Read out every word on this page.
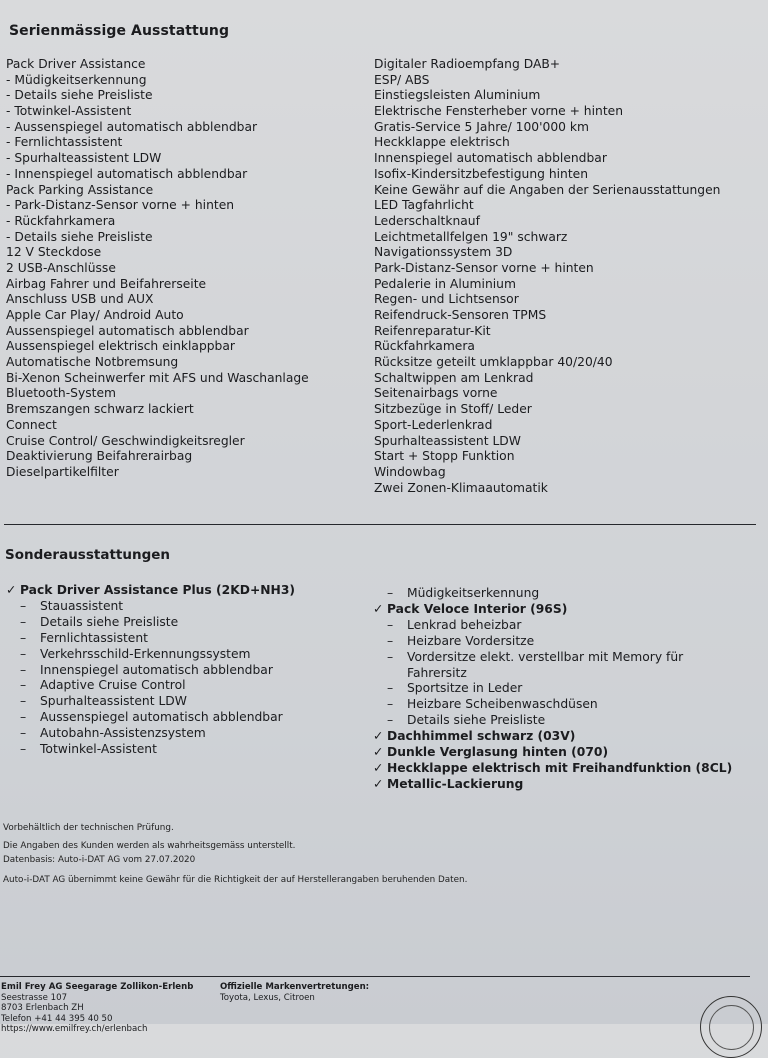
Serienmässige Ausstattung
Pack Driver Assistance
- Müdigkeitserkennung
- Details siehe Preisliste
- Totwinkel-Assistent
- Aussenspiegel automatisch abblendbar
- Fernlichtassistent
- Spurhalteassistent LDW
- Innenspiegel automatisch abblendbar
Pack Parking Assistance
- Park-Distanz-Sensor vorne + hinten
- Rückfahrkamera
- Details siehe Preisliste
12 V Steckdose
2 USB-Anschlüsse
Airbag Fahrer und Beifahrerseite
Anschluss USB und AUX
Apple Car Play/ Android Auto
Aussenspiegel automatisch abblendbar
Aussenspiegel elektrisch einklappbar
Automatische Notbremsung
Bi-Xenon Scheinwerfer mit AFS und Waschanlage
Bluetooth-System
Bremszangen schwarz lackiert
Connect
Cruise Control/ Geschwindigkeitsregler
Deaktivierung Beifahrerairbag
Dieselpartikelfilter
Digitaler Radioempfang DAB+
ESP/ ABS
Einstiegsleisten Aluminium
Elektrische Fensterheber vorne + hinten
Gratis-Service 5 Jahre/ 100'000 km
Heckklappe elektrisch
Innenspiegel automatisch abblendbar
Isofix-Kindersitzbefestigung hinten
Keine Gewähr auf die Angaben der Serienausstattungen
LED Tagfahrlicht
Lederschaltknauf
Leichtmetallfelgen 19" schwarz
Navigationssystem 3D
Park-Distanz-Sensor vorne + hinten
Pedalerie in Aluminium
Regen- und Lichtsensor
Reifendruck-Sensoren TPMS
Reifenreparatur-Kit
Rückfahrkamera
Rücksitze geteilt umklappbar 40/20/40
Schaltwippen am Lenkrad
Seitenairbags vorne
Sitzbezüge in Stoff/ Leder
Sport-Lederlenkrad
Spurhalteassistent LDW
Start + Stopp Funktion
Windowbag
Zwei Zonen-Klimaautomatik
Sonderausstattungen
✓ Pack Driver Assistance Plus (2KD+NH3)
– Stauassistent
– Details siehe Preisliste
– Fernlichtassistent
– Verkehrsschild-Erkennungssystem
– Innenspiegel automatisch abblendbar
– Adaptive Cruise Control
– Spurhalteassistent LDW
– Aussenspiegel automatisch abblendbar
– Autobahn-Assistenzsystem
– Totwinkel-Assistent
– Müdigkeitserkennung
✓ Pack Veloce Interior (96S)
– Lenkrad beheizbar
– Heizbare Vordersitze
– Vordersitze elekt. verstellbar mit Memory für Fahrersitz
– Sportsitze in Leder
– Heizbare Scheibenwaschdüsen
– Details siehe Preisliste
✓ Dachhimmel schwarz (03V)
✓ Dunkle Verglasung hinten (070)
✓ Heckklappe elektrisch mit Freihandfunktion (8CL)
✓ Metallic-Lackierung
Vorbehältlich der technischen Prüfung.
Die Angaben des Kunden werden als wahrheitsgemäss unterstellt.
Datenbasis: Auto-i-DAT AG vom 27.07.2020
Auto-i-DAT AG übernimmt keine Gewähr für die Richtigkeit der auf Herstellerangaben beruhenden Daten.
Emil Frey AG Seegarage Zollikon-Erlenb
Seestrasse 107
8703 Erlenbach ZH
Telefon +41 44 395 40 50
https://www.emilfrey.ch/erlenbach
Offizielle Markenvertretungen:
Toyota, Lexus, Citroen
